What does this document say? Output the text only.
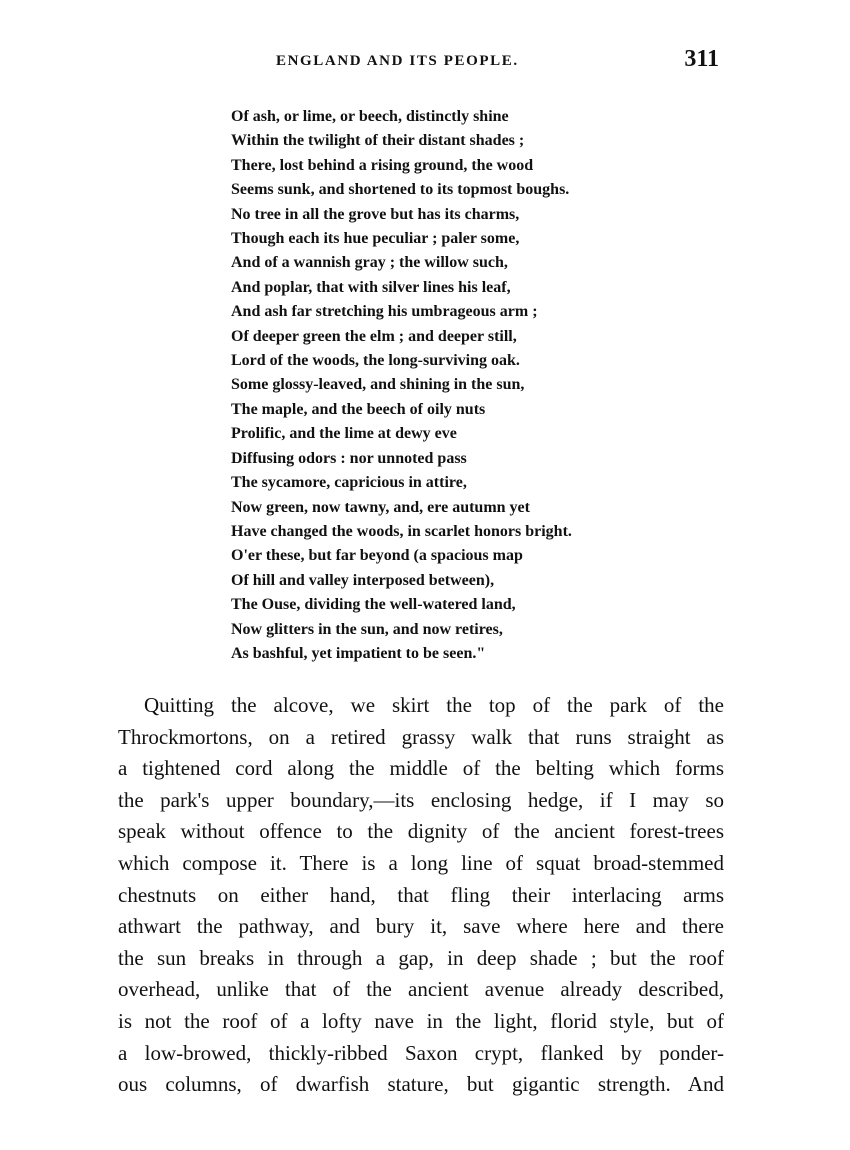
ENGLAND AND ITS PEOPLE.	311
Of ash, or lime, or beech, distinctly shine
Within the twilight of their distant shades ;
There, lost behind a rising ground, the wood
Seems sunk, and shortened to its topmost boughs.
No tree in all the grove but has its charms,
Though each its hue peculiar ; paler some,
And of a wannish gray ; the willow such,
And poplar, that with silver lines his leaf,
And ash far stretching his umbrageous arm ;
Of deeper green the elm ; and deeper still,
Lord of the woods, the long-surviving oak.
Some glossy-leaved, and shining in the sun,
The maple, and the beech of oily nuts
Prolific, and the lime at dewy eve
Diffusing odors : nor unnoted pass
The sycamore, capricious in attire,
Now green, now tawny, and, ere autumn yet
Have changed the woods, in scarlet honors bright.
O'er these, but far beyond (a spacious map
Of hill and valley interposed between),
The Ouse, dividing the well-watered land,
Now glitters in the sun, and now retires,
As bashful, yet impatient to be seen."
Quitting the alcove, we skirt the top of the park of the
Throckmortons, on a retired grassy walk that runs straight as
a tightened cord along the middle of the belting which forms
the park's upper boundary,—its enclosing hedge, if I may so
speak without offence to the dignity of the ancient forest-trees
which compose it. There is a long line of squat broad-stemmed
chestnuts on either hand, that fling their interlacing arms
athwart the pathway, and bury it, save where here and there
the sun breaks in through a gap, in deep shade ; but the roof
overhead, unlike that of the ancient avenue already described,
is not the roof of a lofty nave in the light, florid style, but of
a low-browed, thickly-ribbed Saxon crypt, flanked by ponder-
ous columns, of dwarfish stature, but gigantic strength. And
